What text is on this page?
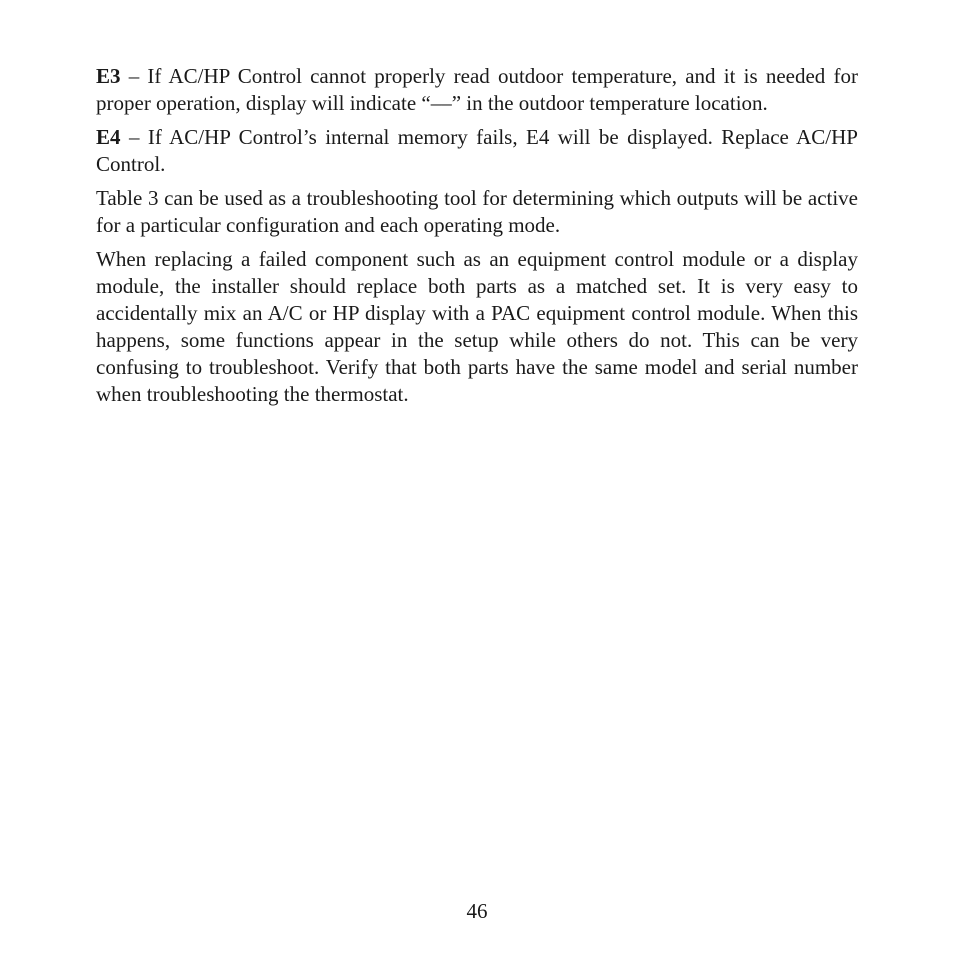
E3 – If AC/HP Control cannot properly read outdoor temperature, and it is needed for proper operation, display will indicate “––” in the outdoor temperature location.

E4 – If AC/HP Control’s internal memory fails, E4 will be displayed. Replace AC/HP Control.

Table 3 can be used as a troubleshooting tool for determining which outputs will be active for a particular configuration and each operating mode.

When replacing a failed component such as an equipment control module or a display module, the installer should replace both parts as a matched set. It is very easy to accidentally mix an A/C or HP display with a PAC equipment control module. When this happens, some functions appear in the setup while others do not. This can be very confusing to troubleshoot. Verify that both parts have the same model and serial number when troubleshooting the thermostat.

46
